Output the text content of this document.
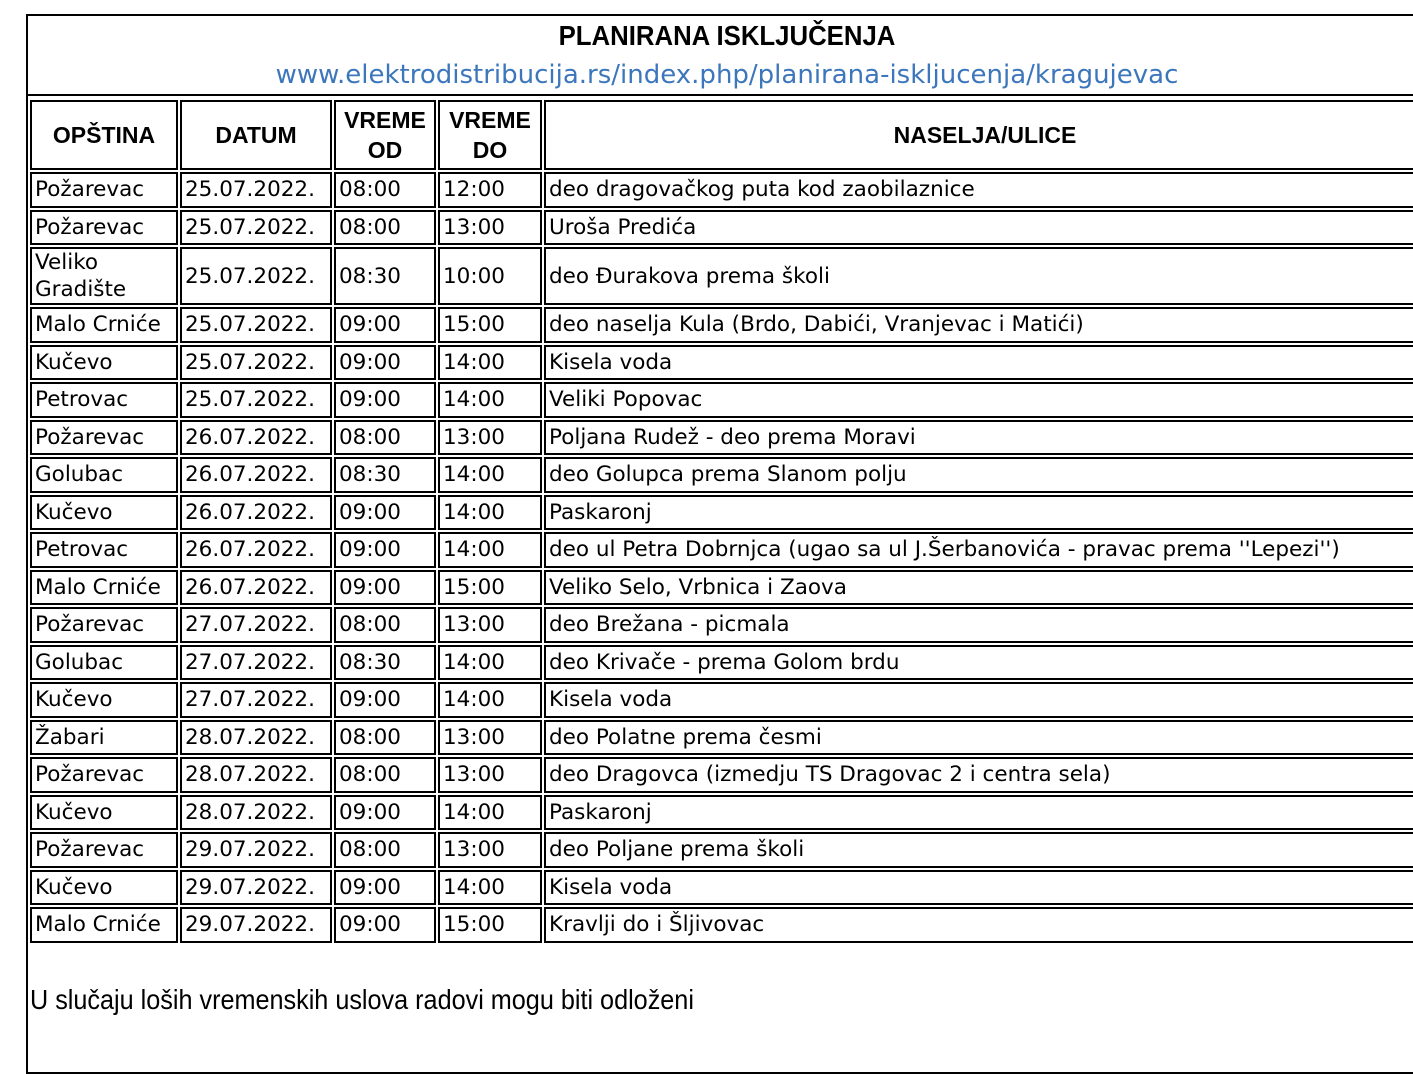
PLANIRANA ISKLJUČENJA
www.elektrodistribucija.rs/index.php/planirana-iskljucenja/kragujevac
OPŠTINA	DATUM	VREME OD	VREME DO	NASELJA/ULICE
Požarevac	25.07.2022.	08:00	12:00	deo dragovačkog puta kod zaobilaznice
Požarevac	25.07.2022.	08:00	13:00	Uroša Predića
Veliko Gradište	25.07.2022.	08:30	10:00	deo Đurakova prema školi
Malo Crniće	25.07.2022.	09:00	15:00	deo naselja Kula (Brdo, Dabići, Vranjevac i Matići)
Kučevo	25.07.2022.	09:00	14:00	Kisela voda
Petrovac	25.07.2022.	09:00	14:00	Veliki Popovac
Požarevac	26.07.2022.	08:00	13:00	Poljana Rudež - deo prema Moravi
Golubac	26.07.2022.	08:30	14:00	deo Golupca prema Slanom polju
Kučevo	26.07.2022.	09:00	14:00	Paskaronj
Petrovac	26.07.2022.	09:00	14:00	deo ul Petra Dobrnjca (ugao sa ul J.Šerbanovića - pravac prema ''Lepezi'')
Malo Crniće	26.07.2022.	09:00	15:00	Veliko Selo, Vrbnica i Zaova
Požarevac	27.07.2022.	08:00	13:00	deo Brežana - picmala
Golubac	27.07.2022.	08:30	14:00	deo Krivače - prema Golom brdu
Kučevo	27.07.2022.	09:00	14:00	Kisela voda
Žabari	28.07.2022.	08:00	13:00	deo Polatne prema česmi
Požarevac	28.07.2022.	08:00	13:00	deo Dragovca (izmedju TS Dragovac 2 i centra sela)
Kučevo	28.07.2022.	09:00	14:00	Paskaronj
Požarevac	29.07.2022.	08:00	13:00	deo Poljane prema školi
Kučevo	29.07.2022.	09:00	14:00	Kisela voda
Malo Crniće	29.07.2022.	09:00	15:00	Kravlji do i Šljivovac
U slučaju loših vremenskih uslova radovi mogu biti odloženi
